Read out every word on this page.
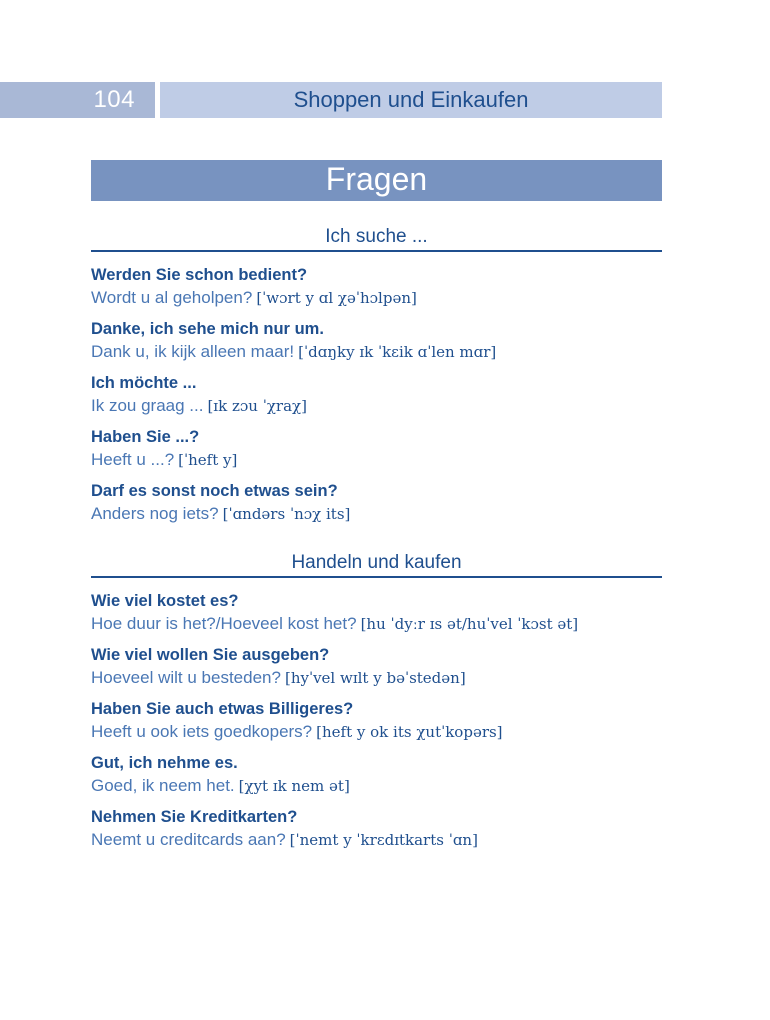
104	Shoppen und Einkaufen
Fragen
Ich suche ...
Werden Sie schon bedient?
Wordt u al geholpen? [ˈwɔrt y ɑl χəˈhɔlpən]
Danke, ich sehe mich nur um.
Dank u, ik kijk alleen maar! [ˈdɑŋky ɪk ˈkɛik ɑˈlen mɑr]
Ich möchte ...
Ik zou graag ... [ɪk zɔu ˈχraχ]
Haben Sie ...?
Heeft u ...? [ˈheft y]
Darf es sonst noch etwas sein?
Anders nog iets? [ˈɑndərs ˈnɔχ its]
Handeln und kaufen
Wie viel kostet es?
Hoe duur is het?/Hoeveel kost het? [hu ˈdyːr ɪs ət/huˈvel ˈkɔst ət]
Wie viel wollen Sie ausgeben?
Hoeveel wilt u besteden? [hyˈvel wɪlt y bəˈstedən]
Haben Sie auch etwas Billigeres?
Heeft u ook iets goedkopers? [heft y ok its χutˈkopərs]
Gut, ich nehme es.
Goed, ik neem het. [χyt ɪk nem ət]
Nehmen Sie Kreditkarten?
Neemt u creditcards aan? [ˈnemt y ˈkrɛdɪtkarts ˈɑn]
